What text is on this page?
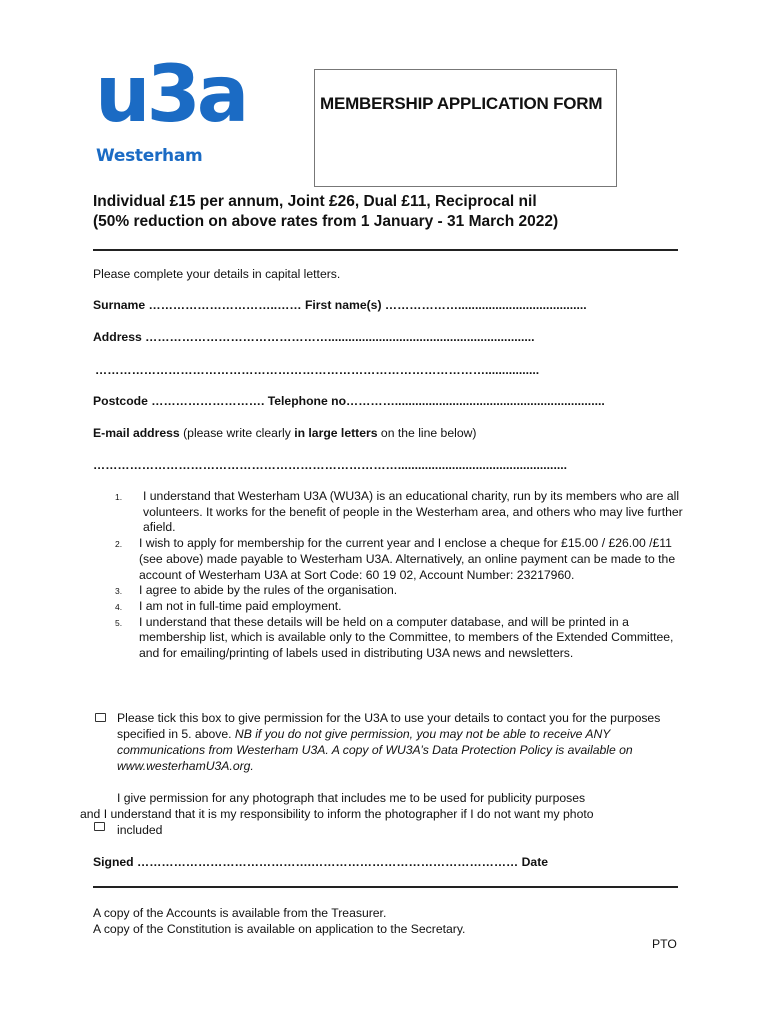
u3a
Westerham
MEMBERSHIP APPLICATION FORM
Individual £15 per annum, Joint £26, Dual £11, Reciprocal nil
(50% reduction on above rates from 1 January - 31 March 2022)
Please complete your details in capital letters.
Surname …………………………..…… First name(s) ………………......................................
Address ……………………………………….............................................................
……………………………………………………………………………………................
Postcode ………………………. Telephone no…………..............................................................
E-mail address (please write clearly in large letters on the line below)
…………………………………………………………………..................................................
1. I understand that Westerham U3A (WU3A) is an educational charity, run by its members who are all volunteers. It works for the benefit of people in the Westerham area, and others who may live further afield.
2. I wish to apply for membership for the current year and I enclose a cheque for £15.00 / £26.00 /£11 (see above) made payable to Westerham U3A. Alternatively, an online payment can be made to the account of Westerham U3A at Sort Code: 60 19 02, Account Number: 23217960.
3. I agree to abide by the rules of the organisation.
4. I am not in full-time paid employment.
5. I understand that these details will be held on a computer database, and will be printed in a membership list, which is available only to the Committee, to members of the Extended Committee, and for emailing/printing of labels used in distributing U3A news and newsletters.
Please tick this box to give permission for the U3A to use your details to contact you for the purposes specified in 5. above. NB if you do not give permission, you may not be able to receive ANY communications from Westerham U3A. A copy of WU3A’s Data Protection Policy is available on www.westerhamU3A.org.
I give permission for any photograph that includes me to be used for publicity purposes
and I understand that it is my responsibility to inform the photographer if I do not want my photo
included
Signed …………………………………….…………………………………………… Date
A copy of the Accounts is available from the Treasurer.
A copy of the Constitution is available on application to the Secretary.
PTO
